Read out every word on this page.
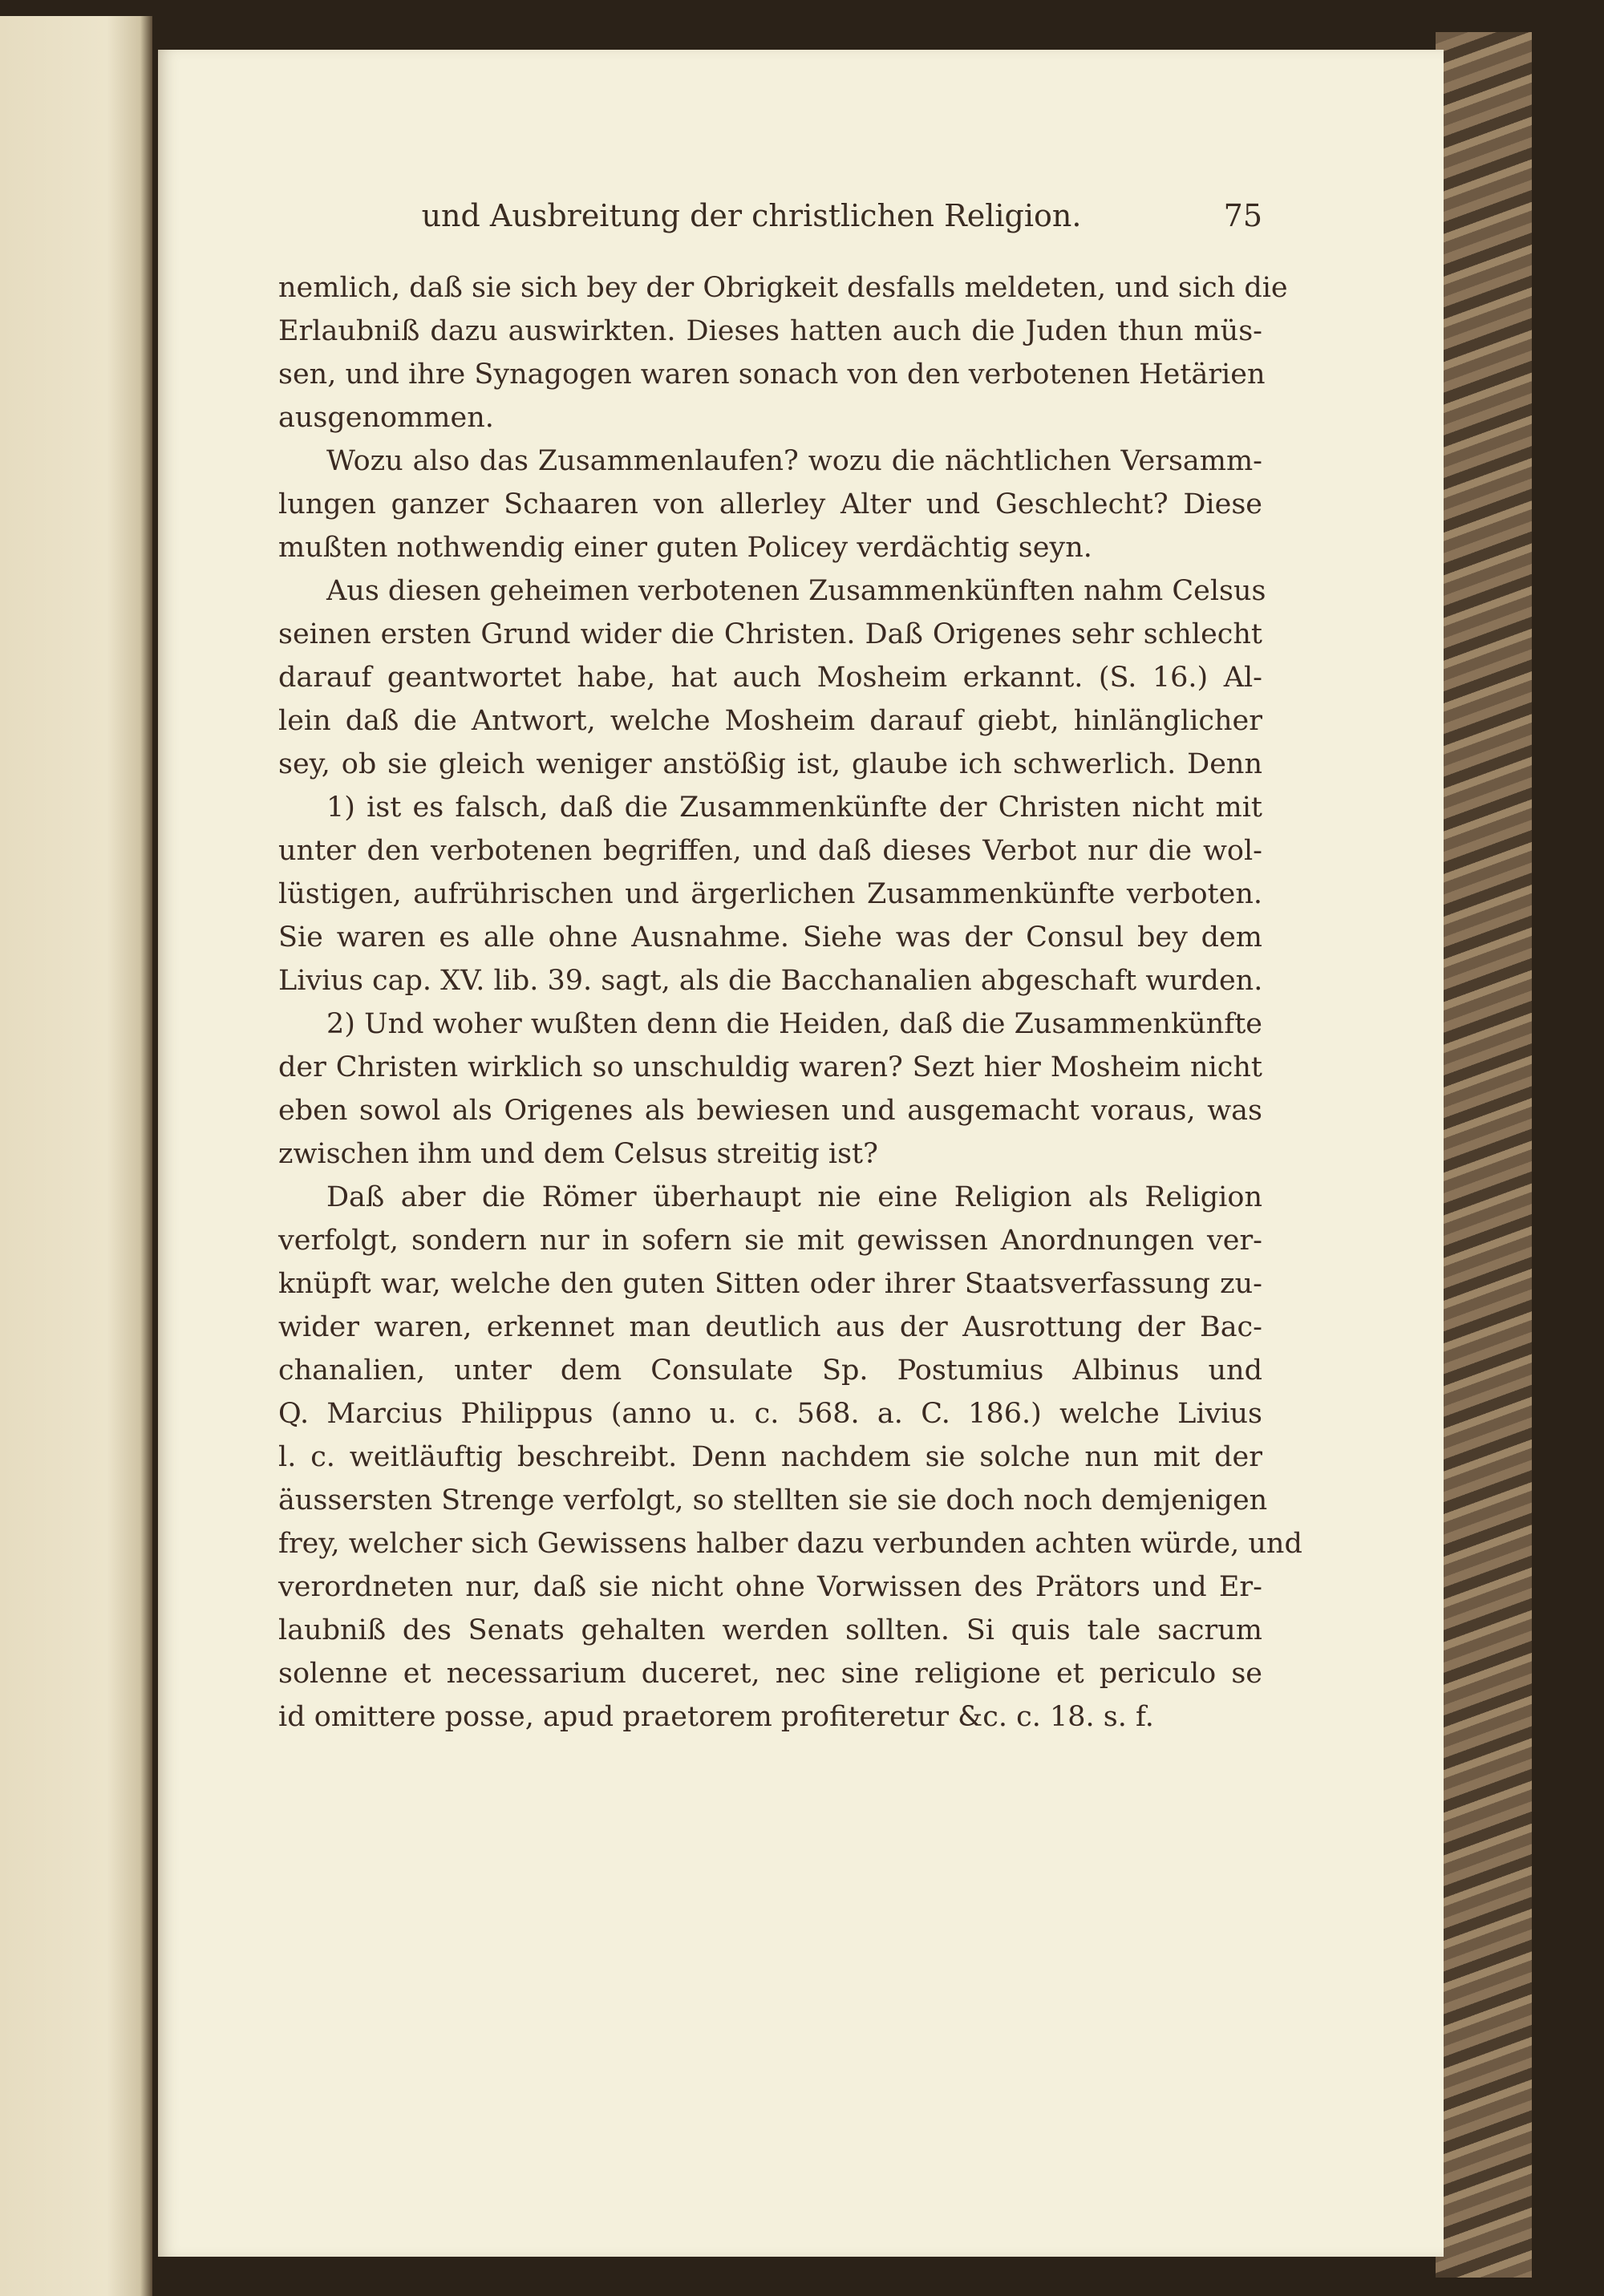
und Ausbreitung der christlichen Religion.	75
nemlich, daß sie sich bey der Obrigkeit desfalls meldeten, und sich die
Erlaubniß dazu auswirkten. Dieses hatten auch die Juden thun müs-
sen, und ihre Synagogen waren sonach von den verbotenen Hetärien
ausgenommen.
Wozu also das Zusammenlaufen? wozu die nächtlichen Versamm-
lungen ganzer Schaaren von allerley Alter und Geschlecht? Diese
mußten nothwendig einer guten Policey verdächtig seyn.
Aus diesen geheimen verbotenen Zusammenkünften nahm Celsus
seinen ersten Grund wider die Christen. Daß Origenes sehr schlecht
darauf geantwortet habe, hat auch Mosheim erkannt. (S. 16.) Al-
lein daß die Antwort, welche Mosheim darauf giebt, hinlänglicher
sey, ob sie gleich weniger anstößig ist, glaube ich schwerlich. Denn
1) ist es falsch, daß die Zusammenkünfte der Christen nicht mit
unter den verbotenen begriffen, und daß dieses Verbot nur die wol-
lüstigen, aufrührischen und ärgerlichen Zusammenkünfte verboten.
Sie waren es alle ohne Ausnahme. Siehe was der Consul bey dem
Livius cap. XV. lib. 39. sagt, als die Bacchanalien abgeschaft wurden.
2) Und woher wußten denn die Heiden, daß die Zusammenkünfte
der Christen wirklich so unschuldig waren? Sezt hier Mosheim nicht
eben sowol als Origenes als bewiesen und ausgemacht voraus, was
zwischen ihm und dem Celsus streitig ist?
Daß aber die Römer überhaupt nie eine Religion als Religion
verfolgt, sondern nur in sofern sie mit gewissen Anordnungen ver-
knüpft war, welche den guten Sitten oder ihrer Staatsverfassung zu-
wider waren, erkennet man deutlich aus der Ausrottung der Bac-
chanalien, unter dem Consulate Sp. Postumius Albinus und
Q. Marcius Philippus (anno u. c. 568. a. C. 186.) welche Livius
l. c. weitläuftig beschreibt. Denn nachdem sie solche nun mit der
äussersten Strenge verfolgt, so stellten sie sie doch noch demjenigen
frey, welcher sich Gewissens halber dazu verbunden achten würde, und
verordneten nur, daß sie nicht ohne Vorwissen des Prätors und Er-
laubniß des Senats gehalten werden sollten. Si quis tale sacrum
solenne et necessarium duceret, nec sine religione et periculo se
id omittere posse, apud praetorem profiteretur &c. c. 18. s. f.
